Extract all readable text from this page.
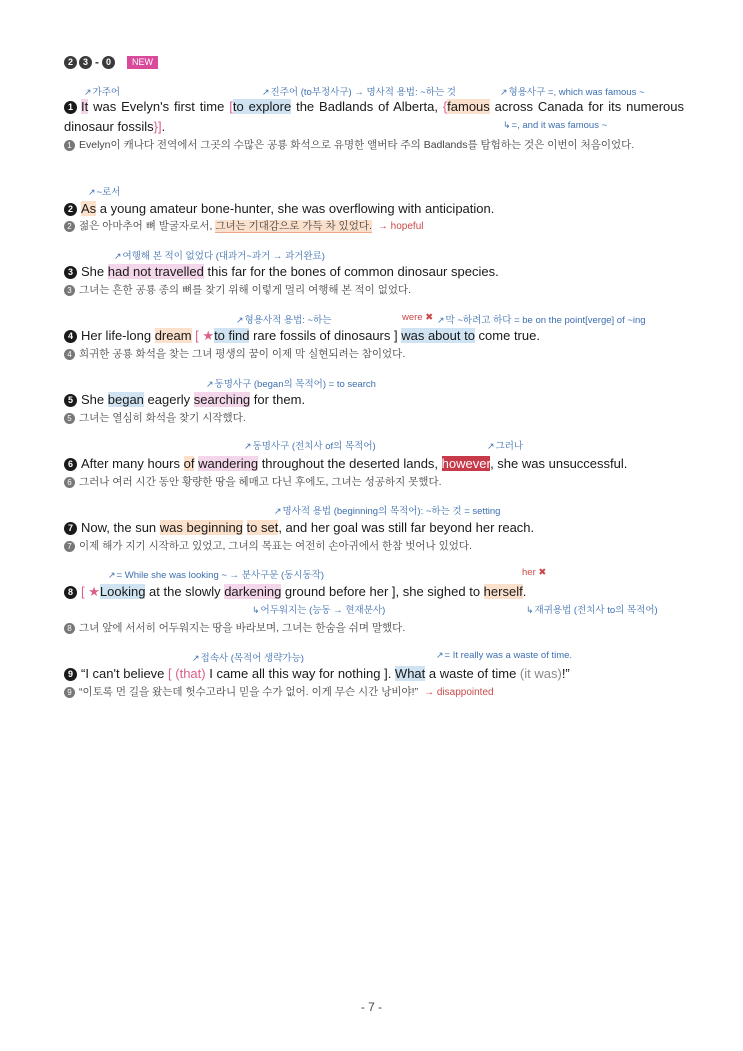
2	3 - 0	NEW
↗가주어	↗진주어 (to부정사구) → 명사적 용법: ~하는 것	↗형용사구 =, which was famous ~
1 It was Evelyn's first time [to explore the Badlands of Alberta, {famous across Canada for its numerous dinosaur fossils}].	↳=, and it was famous ~
1 Evelyn이 캐나다 전역에서 그곳의 수많은 공룡 화석으로 유명한 앨버타 주의 Badlands를 탐험하는 것은 이번이 처음이었다.
↗~로서
2 As a young amateur bone-hunter, she was overflowing with anticipation.
2 젊은 아마추어 뼈 발굴자로서, 그녀는 기대감으로 가득 차 있었다. → hopeful
↗여행해 본 적이 없었다 (대과거~과거 → 과거완료)
3 She had not travelled this far for the bones of common dinosaur species.
3 그녀는 흔한 공룡 종의 뼈를 찾기 위해 이렇게 멀리 여행해 본 적이 없었다.
↗형용사적 용법: ~하는	were ✖ ↗막 ~하려고 하다 = be on the point[verge] of ~ing
4 Her life-long dream [ ★to find rare fossils of dinosaurs ] was about to come true.
4 희귀한 공룡 화석을 찾는 그녀 평생의 꿈이 이제 막 실현되려는 참이었다.
↗동명사구 (began의 목적어) = to search
5 She began eagerly searching for them.
5 그녀는 열심히 화석을 찾기 시작했다.
↗동명사구 (전치사 of의 목적어)	↗그러나
6 After many hours of wandering throughout the deserted lands, however, she was unsuccessful.
6 그러나 여러 시간 동안 황량한 땅을 헤매고 다닌 후에도, 그녀는 성공하지 못했다.
↗명사적 용법 (beginning의 목적어): ~하는 것 = setting
7 Now, the sun was beginning to set, and her goal was still far beyond her reach.
7 이제 해가 지기 시작하고 있었고, 그녀의 목표는 여전히 손아귀에서 한참 벗어나 있었다.
↗= While she was looking ~ → 분사구문 (동시동작)	her ✖
8 [ ★Looking at the slowly darkening ground before her ], she sighed to herself.
↳어두워지는 (능동 → 현재분사)	↳재귀용법 (전치사 to의 목적어)
8 그녀 앞에 서서히 어두워지는 땅을 바라보며, 그녀는 한숨을 쉬며 말했다.
↗접속사 (목적어 생략가능)	↗= It really was a waste of time.
9 “I can't believe [ (that) I came all this way for nothing ]. What a waste of time (it was)!”
9 “이토록 먼 길을 왔는데 헛수고라니 믿을 수가 없어. 이게 무슨 시간 낭비야!” → disappointed
- 7 -
